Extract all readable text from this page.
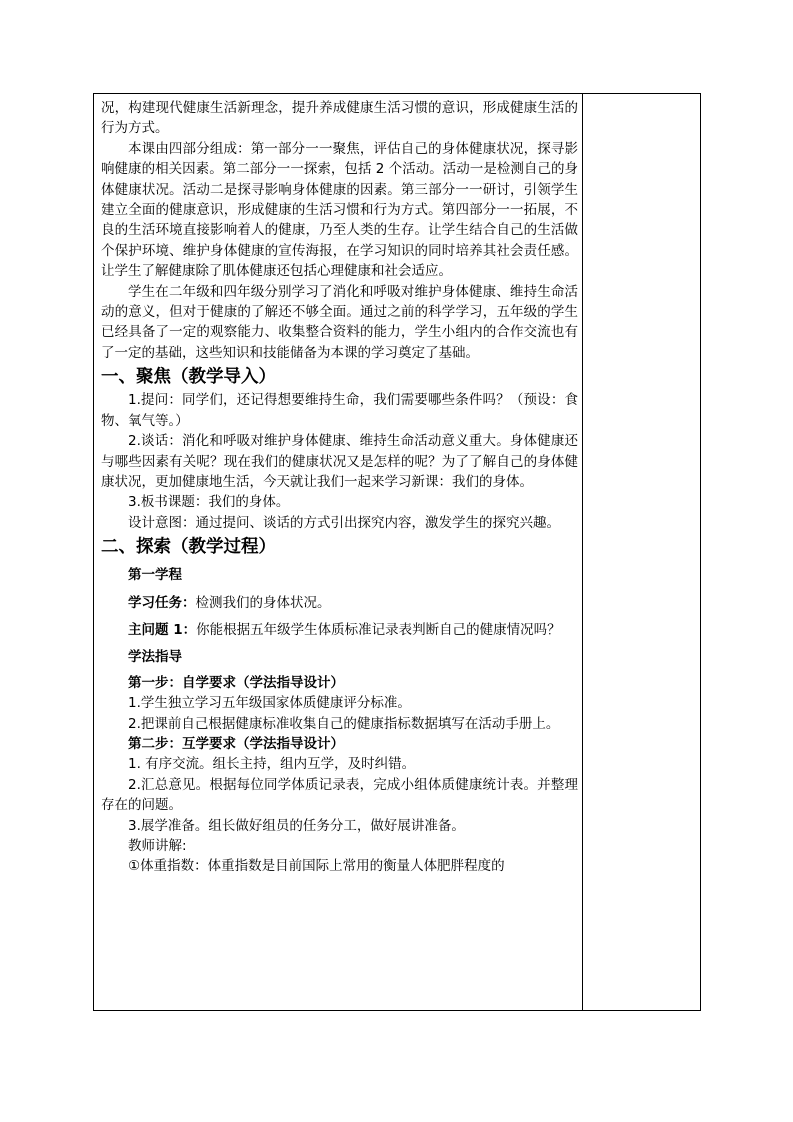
况，构建现代健康生活新理念，提升养成健康生活习惯的意识，形成健康生活的行为方式。

本课由四部分组成：第一部分一一聚焦，评估自己的身体健康状况，探寻影响健康的相关因素。第二部分一一探索，包括 2 个活动。活动一是检测自己的身体健康状况。活动二是探寻影响身体健康的因素。第三部分一一研讨，引领学生建立全面的健康意识，形成健康的生活习惯和行为方式。第四部分一一拓展，不良的生活环境直接影响着人的健康，乃至人类的生存。让学生结合自己的生活做个保护环境、维护身体健康的宣传海报，在学习知识的同时培养其社会责任感。让学生了解健康除了肌体健康还包括心理健康和社会适应。

学生在二年级和四年级分别学习了消化和呼吸对维护身体健康、维持生命活动的意义，但对于健康的了解还不够全面。通过之前的科学学习，五年级的学生已经具备了一定的观察能力、收集整合资料的能力，学生小组内的合作交流也有了一定的基础，这些知识和技能储备为本课的学习奠定了基础。

一、聚焦（教学导入）

1.提问：同学们，还记得想要维持生命，我们需要哪些条件吗？（预设：食物、氧气等。）

2.谈话：消化和呼吸对维护身体健康、维持生命活动意义重大。身体健康还与哪些因素有关呢？现在我们的健康状况又是怎样的呢？为了了解自己的身体健康状况，更加健康地生活，今天就让我们一起来学习新课：我们的身体。

3.板书课题：我们的身体。

设计意图：通过提问、谈话的方式引出探究内容，激发学生的探究兴趣。

二、探索（教学过程）

第一学程

学习任务：检测我们的身体状况。

主问题 1：你能根据五年级学生体质标准记录表判断自己的健康情况吗？

学法指导

第一步：自学要求（学法指导设计）

1.学生独立学习五年级国家体质健康评分标准。

2.把课前自己根据健康标准收集自己的健康指标数据填写在活动手册上。

第二步：互学要求（学法指导设计）

1. 有序交流。组长主持，组内互学，及时纠错。

2.汇总意见。根据每位同学体质记录表，完成小组体质健康统计表。并整理存在的问题。

3.展学准备。组长做好组员的任务分工，做好展讲准备。

教师讲解:

①体重指数：体重指数是目前国际上常用的衡量人体肥胖程度的
